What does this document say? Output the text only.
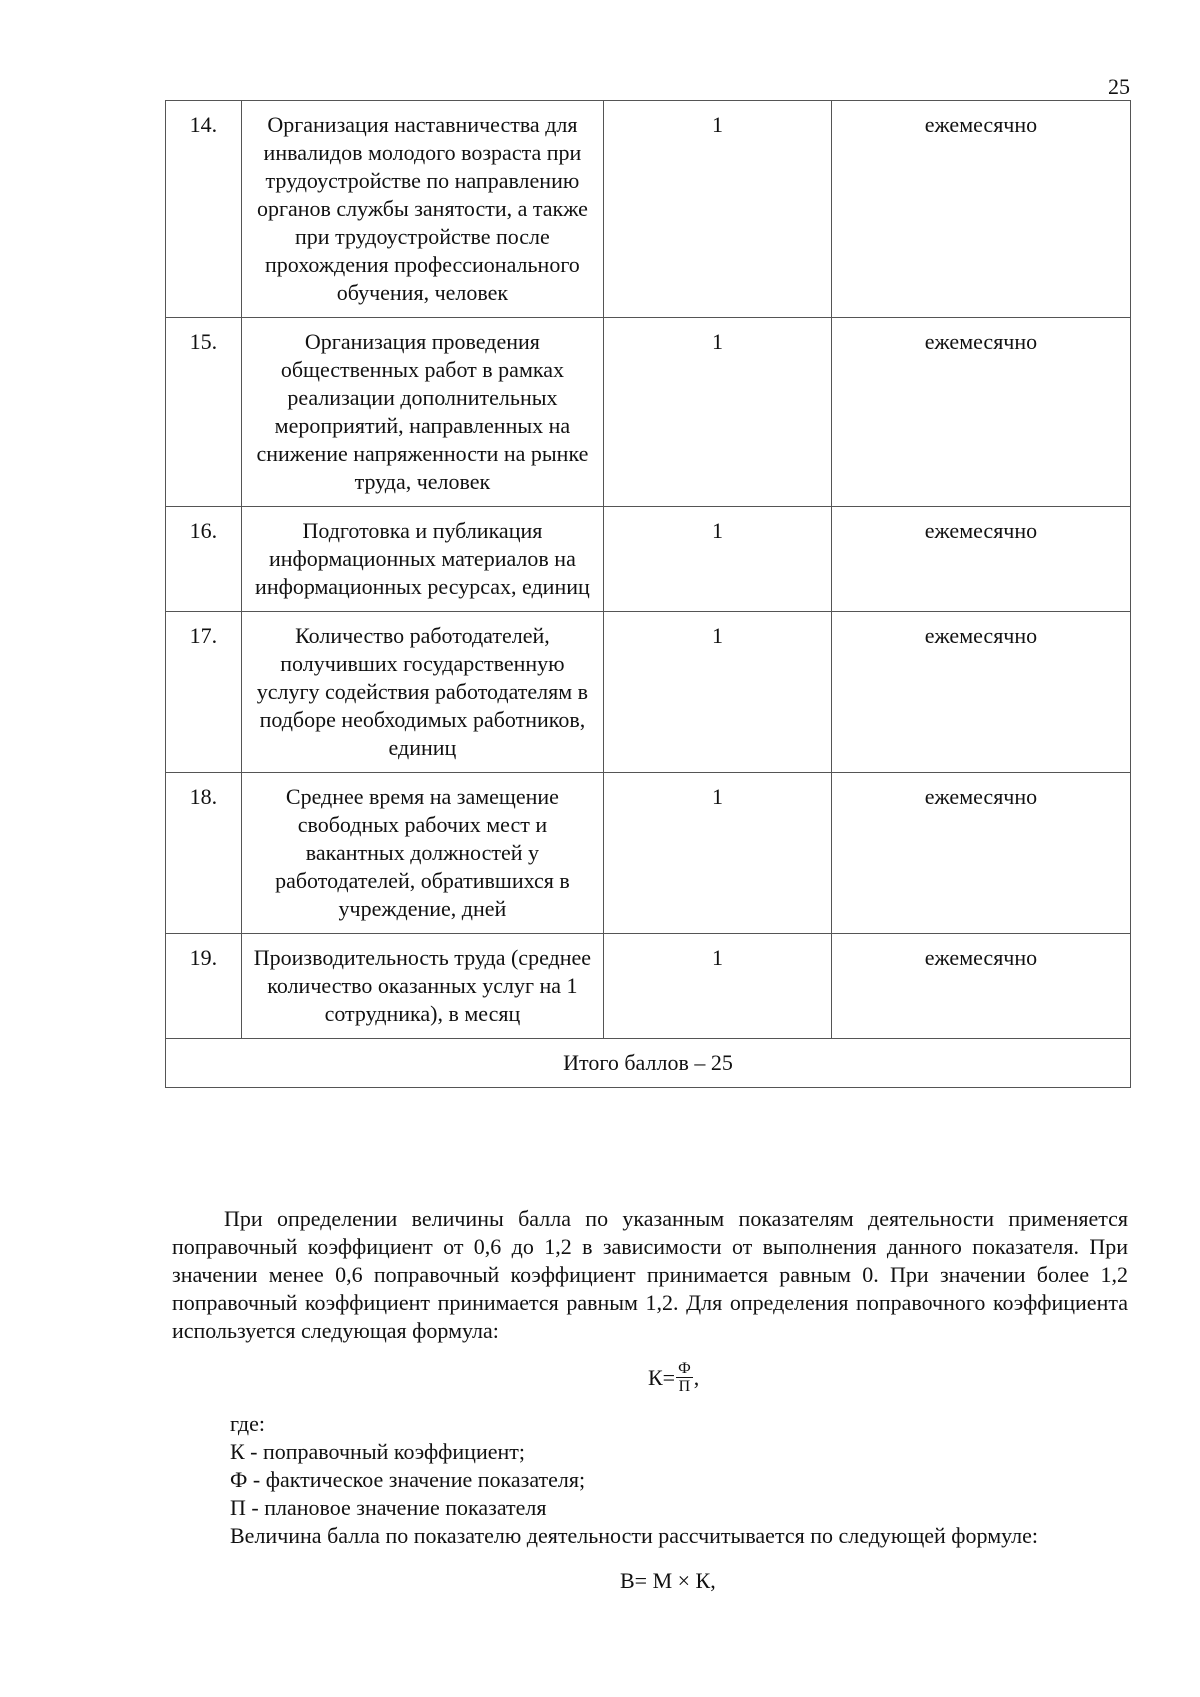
25
14.	Организация наставничества для инвалидов молодого возраста при трудоустройстве по направлению органов службы занятости, а также при трудоустройстве после прохождения профессионального обучения, человек	1	ежемесячно
15.	Организация проведения общественных работ в рамках реализации дополнительных мероприятий, направленных на снижение напряженности на рынке труда, человек	1	ежемесячно
16.	Подготовка и публикация информационных материалов на информационных ресурсах, единиц	1	ежемесячно
17.	Количество работодателей, получивших государственную услугу содействия работодателям в подборе необходимых работников, единиц	1	ежемесячно
18.	Среднее время на замещение свободных рабочих мест и вакантных должностей у работодателей, обратившихся в учреждение, дней	1	ежемесячно
19.	Производительность труда (среднее количество оказанных услуг на 1 сотрудника), в месяц	1	ежемесячно
Итого баллов – 25			

При определении величины балла по указанным показателям деятельности применяется поправочный коэффициент от 0,6 до 1,2 в зависимости от выполнения данного показателя. При значении менее 0,6 поправочный коэффициент принимается равным 0. При значении более 1,2 поправочный коэффициент принимается равным 1,2. Для определения поправочного коэффициента используется следующая формула:

$К= \frac{Ф}{П}$ ,
где:
К - поправочный коэффициент;
Ф - фактическое значение показателя;
П - плановое значение показателя
Величина балла по показателю деятельности рассчитывается по следующей формуле:
В= М × К,
